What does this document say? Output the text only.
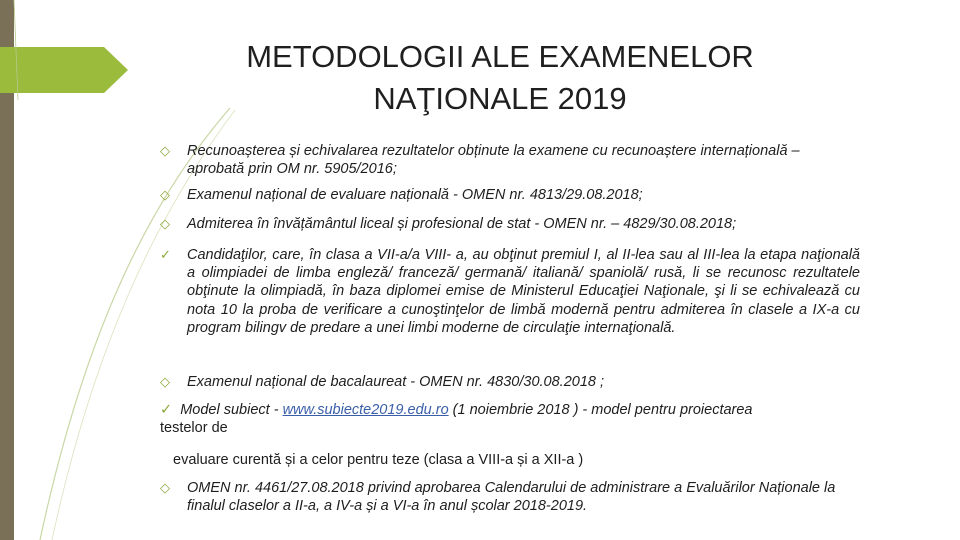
METODOLOGII ALE EXAMENELOR
NAŢIONALE 2019
◇	Recunoașterea și echivalarea rezultatelor obținute la examene cu recunoaștere internațională – aprobată prin OM nr. 5905/2016;
◇	Examenul național de evaluare națională - OMEN nr. 4813/29.08.2018;
◇	Admiterea în învățământul liceal și profesional de stat - OMEN nr. – 4829/30.08.2018;
✓	Candidaţilor, care, în clasa a VII-a/a VIII- a, au obţinut premiul I, al II-lea sau al III-lea la etapa naţională a olimpiadei de limba engleză/ franceză/ germană/ italiană/ spaniolă/ rusă, li se recunosc rezultatele obţinute la olimpiadă, în baza diplomei emise de Ministerul Educaţiei Naţionale, şi li se echivalează cu nota 10 la proba de verificare a cunoştinţelor de limbă modernă pentru admiterea în clasele a IX-a cu program bilingv de predare a unei limbi moderne de circulaţie internaţională.
◇	Examenul național de bacalaureat - OMEN nr. 4830/30.08.2018 ;
✓ Model subiect - www.subiecte2019.edu.ro (1 noiembrie 2018 ) - model pentru proiectarea
testelor de
evaluare curentă și a celor pentru teze (clasa a VIII-a și a XII-a )
◇	OMEN nr. 4461/27.08.2018 privind aprobarea Calendarului de administrare a Evaluărilor Naționale la finalul claselor a II-a, a IV-a și a VI-a în anul școlar 2018-2019.
